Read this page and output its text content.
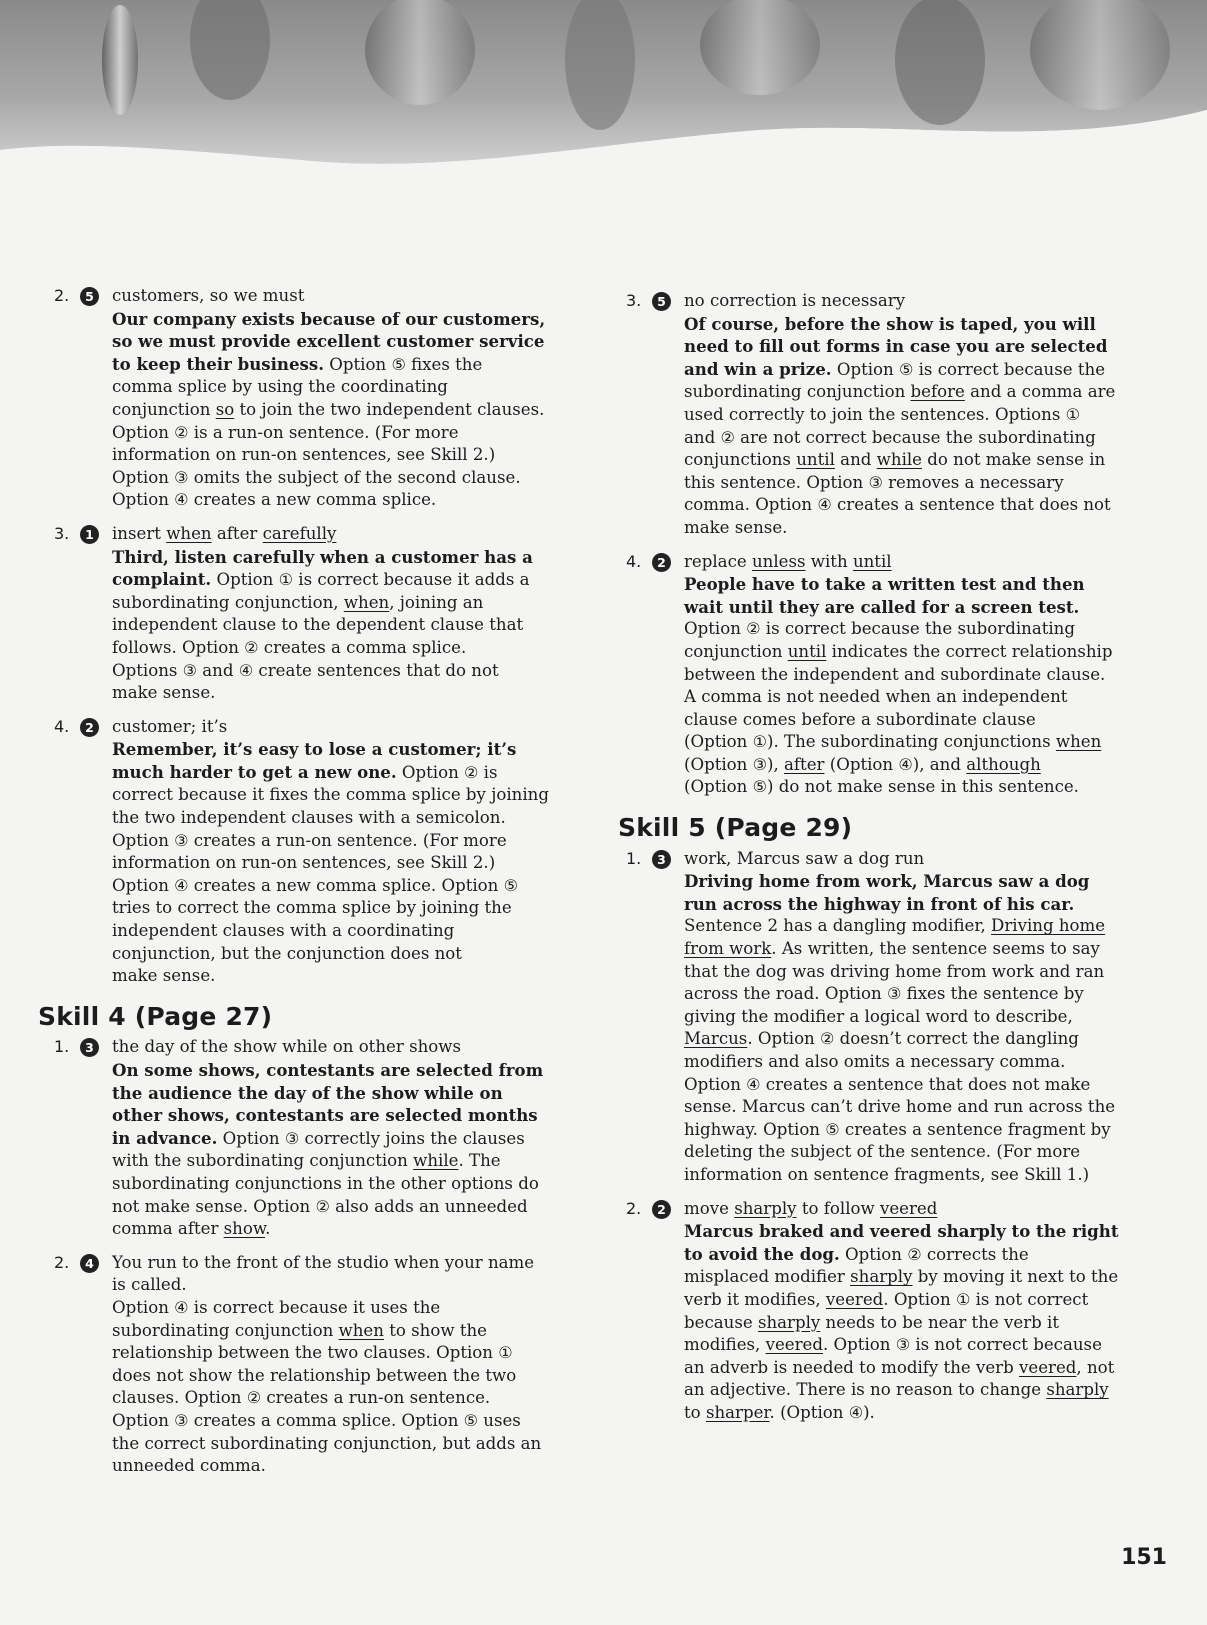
2.	5	customers, so we must
Our company exists because of our customers,
so we must provide excellent customer service
to keep their business. Option ⑤ fixes the
comma splice by using the coordinating
conjunction so to join the two independent clauses.
Option ② is a run-on sentence. (For more
information on run-on sentences, see Skill 2.)
Option ③ omits the subject of the second clause.
Option ④ creates a new comma splice.
3.	1	insert when after carefully
Third, listen carefully when a customer has a
complaint. Option ① is correct because it adds a
subordinating conjunction, when, joining an
independent clause to the dependent clause that
follows. Option ② creates a comma splice.
Options ③ and ④ create sentences that do not
make sense.
4.	2	customer; it’s
Remember, it’s easy to lose a customer; it’s
much harder to get a new one. Option ② is
correct because it fixes the comma splice by joining
the two independent clauses with a semicolon.
Option ③ creates a run-on sentence. (For more
information on run-on sentences, see Skill 2.)
Option ④ creates a new comma splice. Option ⑤
tries to correct the comma splice by joining the
independent clauses with a coordinating
conjunction, but the conjunction does not
make sense.
Skill 4 (Page 27)
1.	3	the day of the show while on other shows
On some shows, contestants are selected from
the audience the day of the show while on
other shows, contestants are selected months
in advance. Option ③ correctly joins the clauses
with the subordinating conjunction while. The
subordinating conjunctions in the other options do
not make sense. Option ② also adds an unneeded
comma after show.
2.	4	You run to the front of the studio when your name
is called.
Option ④ is correct because it uses the
subordinating conjunction when to show the
relationship between the two clauses. Option ①
does not show the relationship between the two
clauses. Option ② creates a run-on sentence.
Option ③ creates a comma splice. Option ⑤ uses
the correct subordinating conjunction, but adds an
unneeded comma.
3.	5	no correction is necessary
Of course, before the show is taped, you will
need to fill out forms in case you are selected
and win a prize. Option ⑤ is correct because the
subordinating conjunction before and a comma are
used correctly to join the sentences. Options ①
and ② are not correct because the subordinating
conjunctions until and while do not make sense in
this sentence. Option ③ removes a necessary
comma. Option ④ creates a sentence that does not
make sense.
4.	2	replace unless with until
People have to take a written test and then
wait until they are called for a screen test.
Option ② is correct because the subordinating
conjunction until indicates the correct relationship
between the independent and subordinate clause.
A comma is not needed when an independent
clause comes before a subordinate clause
(Option ①). The subordinating conjunctions when
(Option ③), after (Option ④), and although
(Option ⑤) do not make sense in this sentence.
Skill 5 (Page 29)
1.	3	work, Marcus saw a dog run
Driving home from work, Marcus saw a dog
run across the highway in front of his car.
Sentence 2 has a dangling modifier, Driving home
from work. As written, the sentence seems to say
that the dog was driving home from work and ran
across the road. Option ③ fixes the sentence by
giving the modifier a logical word to describe,
Marcus. Option ② doesn’t correct the dangling
modifiers and also omits a necessary comma.
Option ④ creates a sentence that does not make
sense. Marcus can’t drive home and run across the
highway. Option ⑤ creates a sentence fragment by
deleting the subject of the sentence. (For more
information on sentence fragments, see Skill 1.)
2.	2	move sharply to follow veered
Marcus braked and veered sharply to the right
to avoid the dog. Option ② corrects the
misplaced modifier sharply by moving it next to the
verb it modifies, veered. Option ① is not correct
because sharply needs to be near the verb it
modifies, veered. Option ③ is not correct because
an adverb is needed to modify the verb veered, not
an adjective. There is no reason to change sharply
to sharper. (Option ④).
151
